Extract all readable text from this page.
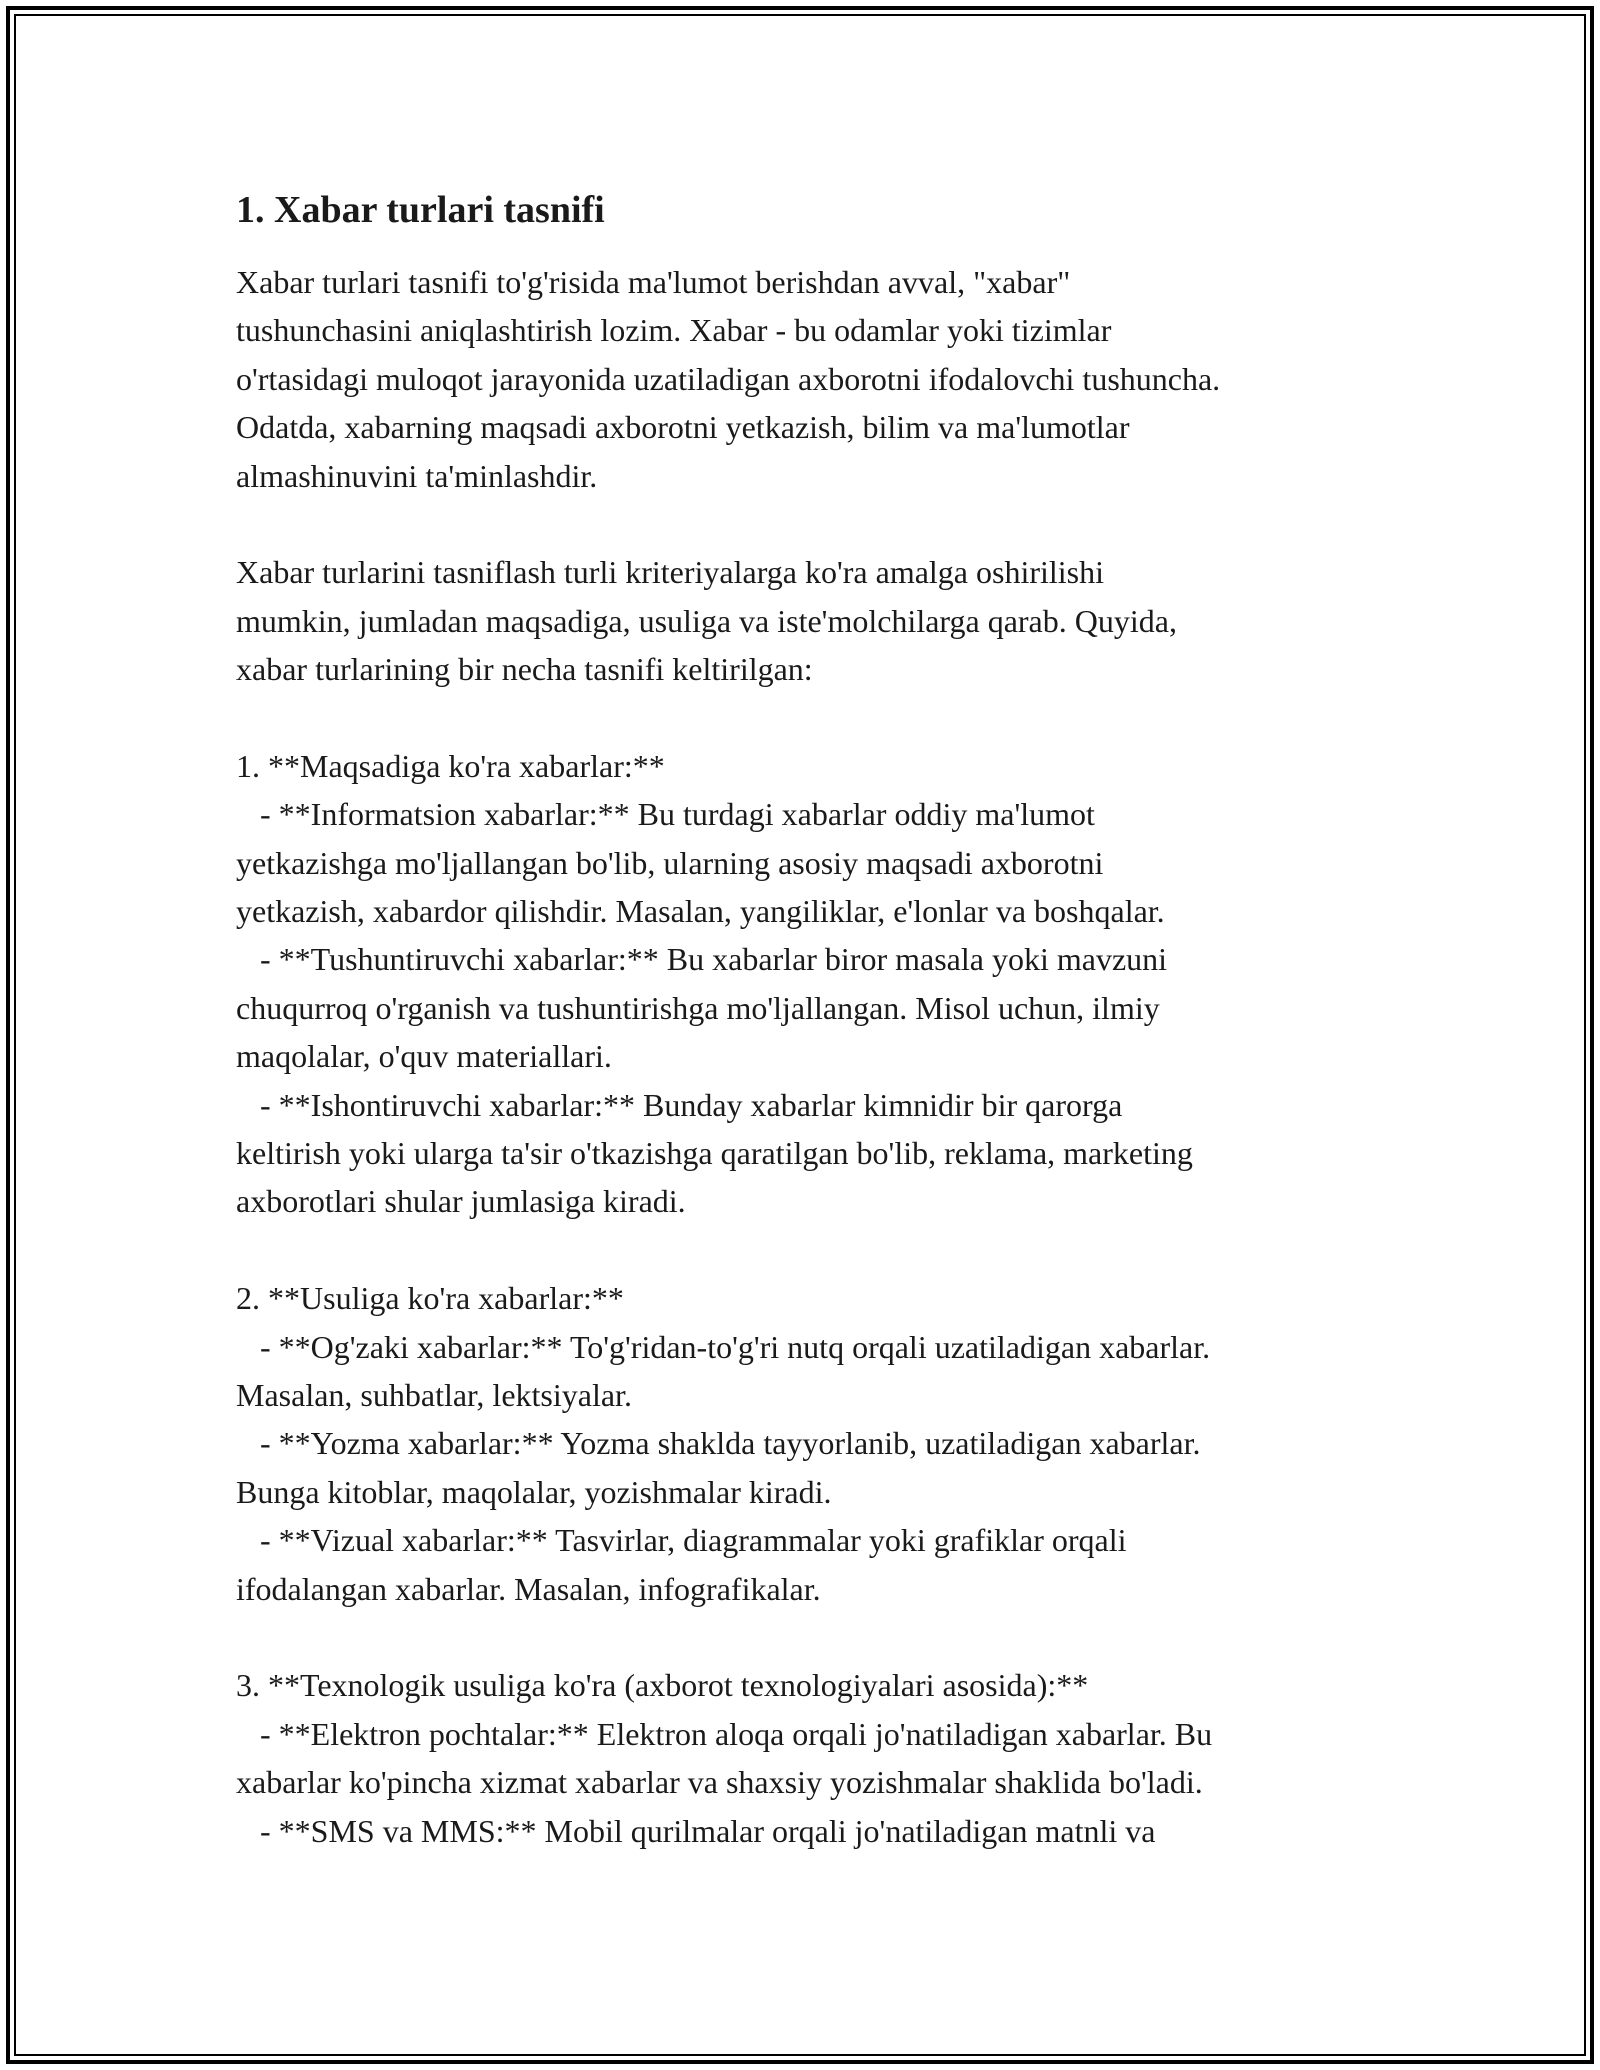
1. Xabar turlari tasnifi
Xabar turlari tasnifi to'g'risida ma'lumot berishdan avval, "xabar"
tushunchasini aniqlashtirish lozim. Xabar - bu odamlar yoki tizimlar
o'rtasidagi muloqot jarayonida uzatiladigan axborotni ifodalovchi tushuncha.
Odatda, xabarning maqsadi axborotni yetkazish, bilim va ma'lumotlar
almashinuvini ta'minlashdir.
Xabar turlarini tasniflash turli kriteriyalarga ko'ra amalga oshirilishi
mumkin, jumladan maqsadiga, usuliga va iste'molchilarga qarab. Quyida,
xabar turlarining bir necha tasnifi keltirilgan:
1. **Maqsadiga ko'ra xabarlar:**
- **Informatsion xabarlar:** Bu turdagi xabarlar oddiy ma'lumot
yetkazishga mo'ljallangan bo'lib, ularning asosiy maqsadi axborotni
yetkazish, xabardor qilishdir. Masalan, yangiliklar, e'lonlar va boshqalar.
- **Tushuntiruvchi xabarlar:** Bu xabarlar biror masala yoki mavzuni
chuqurroq o'rganish va tushuntirishga mo'ljallangan. Misol uchun, ilmiy
maqolalar, o'quv materiallari.
- **Ishontiruvchi xabarlar:** Bunday xabarlar kimnidir bir qarorga
keltirish yoki ularga ta'sir o'tkazishga qaratilgan bo'lib, reklama, marketing
axborotlari shular jumlasiga kiradi.
2. **Usuliga ko'ra xabarlar:**
- **Og'zaki xabarlar:** To'g'ridan-to'g'ri nutq orqali uzatiladigan xabarlar.
Masalan, suhbatlar, lektsiyalar.
- **Yozma xabarlar:** Yozma shaklda tayyorlanib, uzatiladigan xabarlar.
Bunga kitoblar, maqolalar, yozishmalar kiradi.
- **Vizual xabarlar:** Tasvirlar, diagrammalar yoki grafiklar orqali
ifodalangan xabarlar. Masalan, infografikalar.
3. **Texnologik usuliga ko'ra (axborot texnologiyalari asosida):**
- **Elektron pochtalar:** Elektron aloqa orqali jo'natiladigan xabarlar. Bu
xabarlar ko'pincha xizmat xabarlar va shaxsiy yozishmalar shaklida bo'ladi.
- **SMS va MMS:** Mobil qurilmalar orqali jo'natiladigan matnli va
